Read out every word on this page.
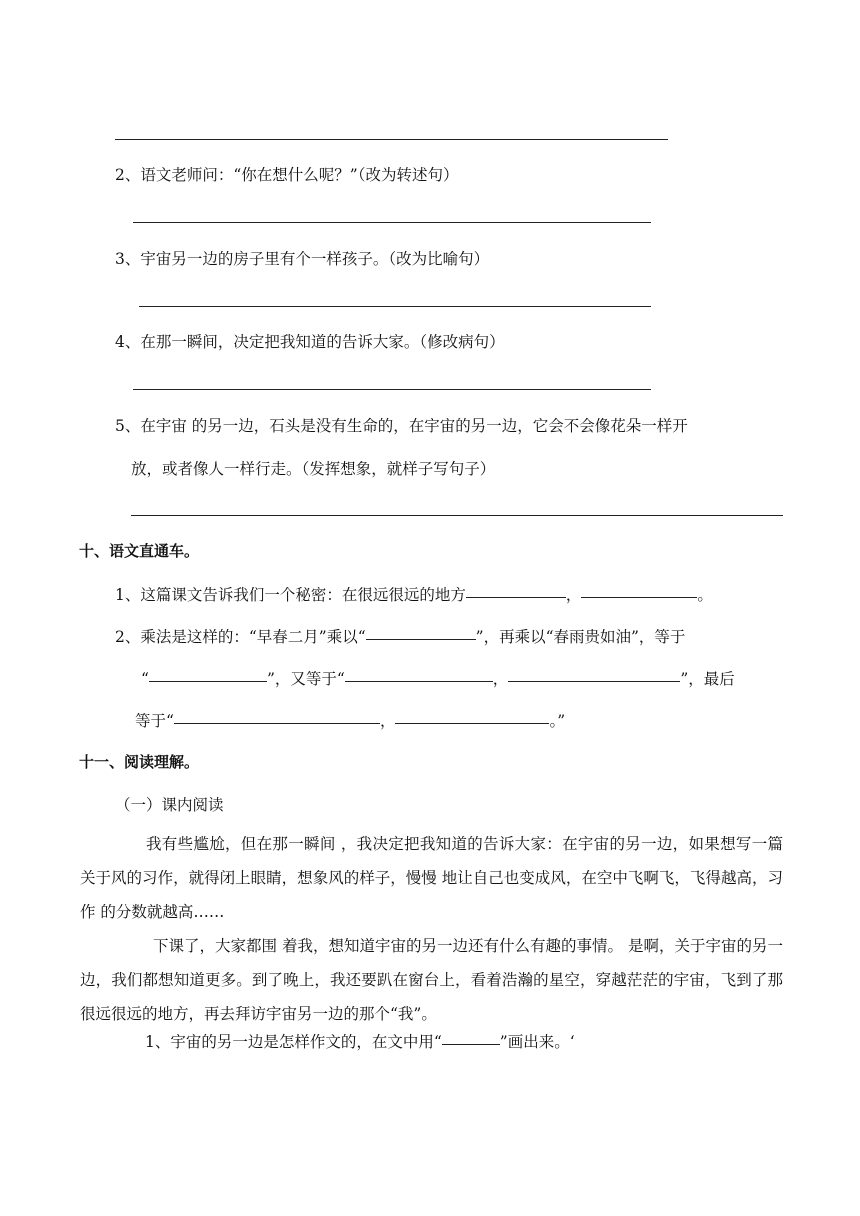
2、语文老师问：“你在想什么呢？”（改为转述句）
3、宇宙另一边的房子里有个一样孩子。（改为比喻句）
4、在那一瞬间，决定把我知道的告诉大家。（修改病句）
5、在宇宙 的另一边，石头是没有生命的，在宇宙的另一边，它会不会像花朵一样开
放，或者像人一样行走。（发挥想象，就样子写句子）
十、语文直通车。
1、这篇课文告诉我们一个秘密：在很远很远的地方	，	。
2、乘法是这样的：“早春二月”乘以“	”，再乘以“春雨贵如油”，等于
“	”，又等于“	，	”，最后
等于“	，	。”
十一、阅读理解。
（一）课内阅读
我有些尴尬，但在那一瞬间 ，我决定把我知道的告诉大家：在宇宙的另一边，如果想写一篇关于风的习作，就得闭上眼睛，想象风的样子，慢慢 地让自己也变成风，在空中飞啊飞，飞得越高，习作 的分数就越高……
下课了，大家都围 着我，想知道宇宙的另一边还有什么有趣的事情。 是啊，关于宇宙的另一边，我们都想知道更多。到了晚上，我还要趴在窗台上，看着浩瀚的星空，穿越茫茫的宇宙，飞到了那很远很远的地方，再去拜访宇宙另一边的那个“我”。
1、宇宙的另一边是怎样作文的，在文中用“	”画出来。‘
